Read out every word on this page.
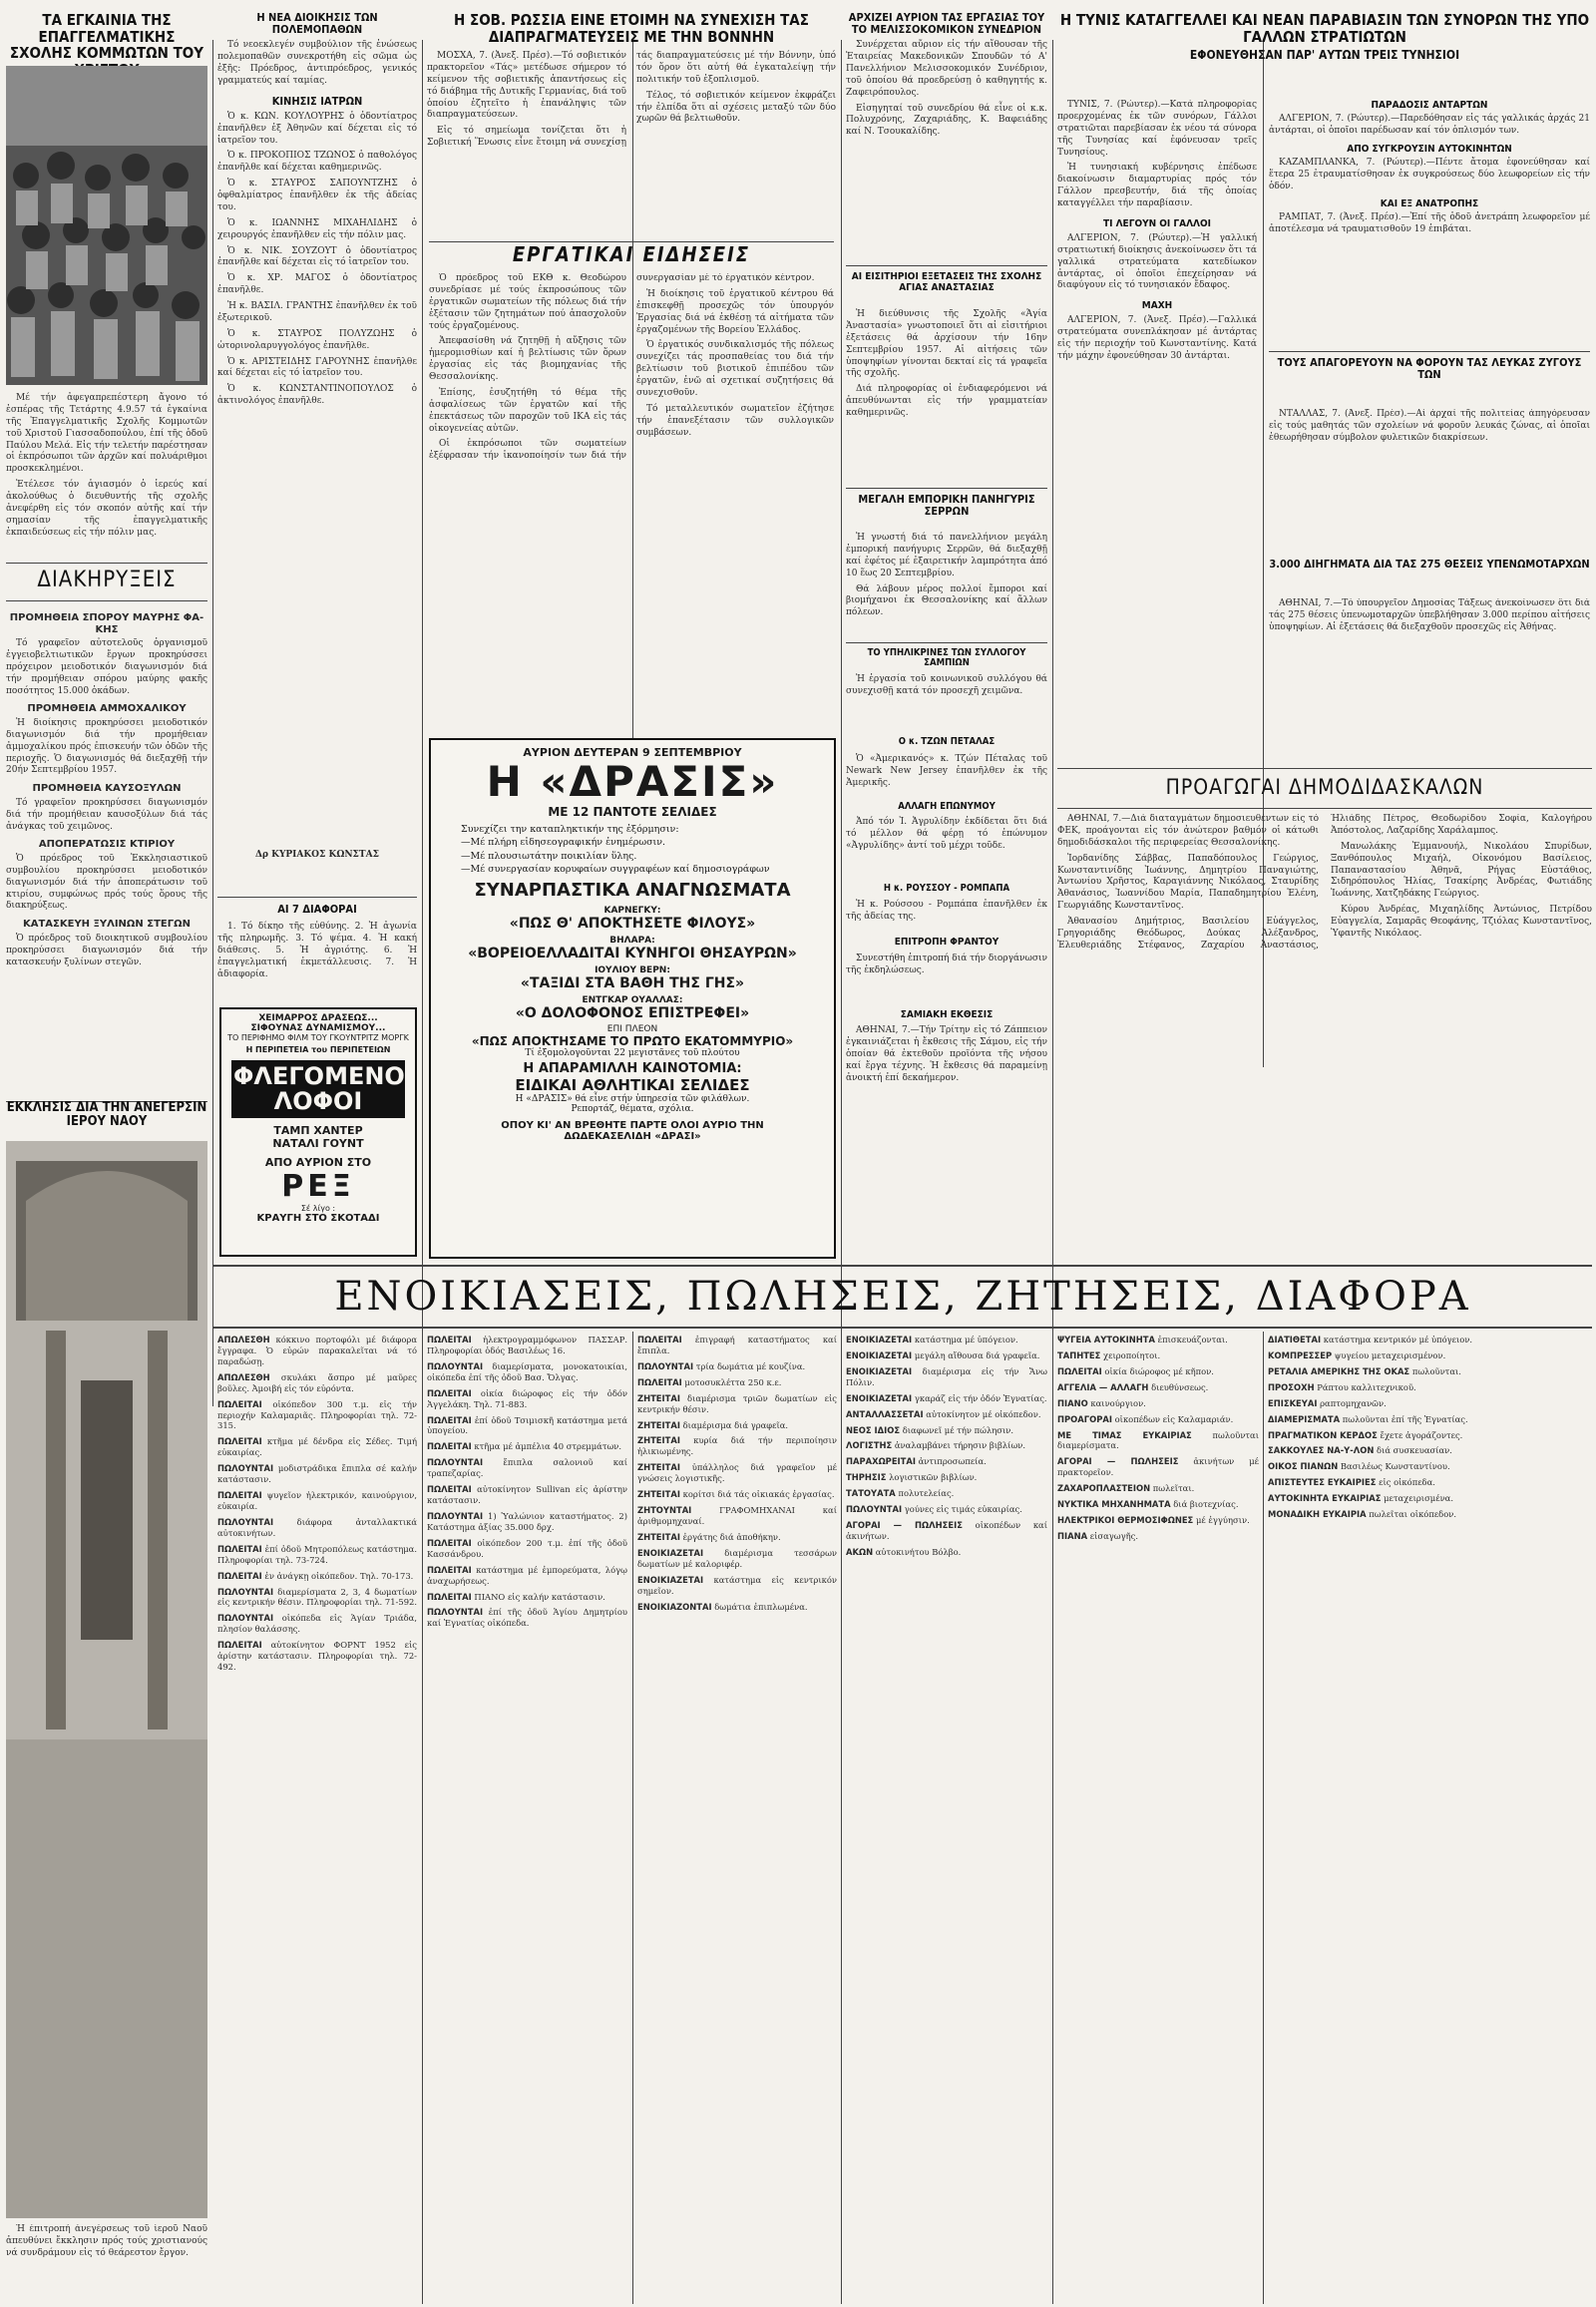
ΤΑ ΕΓΚΑΙΝΙΑ ΤΗΣ ΕΠΑΓΓΕΛΜΑΤΙΚΗΣ ΣΧΟΛΗΣ ΚΟΜΜΩΤΩΝ ΤΟΥ

Μέ τήν ἀφεγαπρεπέστερη ἄγονο τό ἑσπέρας τῆς Τετάρτης 4.9.57 τά ἐγκαίνια τῆς Ἐπαγγελματικῆς Σχολῆς Κομμωτῶν τοῦ Χριστοῦ Γιασσαδοπούλου, ἐπί τῆς ὁδοῦ Παύλου Μελά. Εἰς τήν τελετήν παρέστησαν οἱ ἐκπρόσωποι τῶν ἀρχῶν καί πολυάριθμοι προσκεκλημένοι.

Ἐτέλεσε τόν ἁγιασμόν ὁ ἱερεύς καί ἀκολούθως ὁ διευθυντής τῆς σχολῆς ἀνεφέρθη εἰς τόν σκοπόν αὐτῆς καί τήν σημασίαν τῆς ἐπαγγελματικῆς ἐκπαιδεύσεως εἰς τήν πόλιν μας.

ΔΙΑΚΗΡΥΞΕΙΣ
ΠΡΟΜΗΘΕΙΑ ΣΠΟΡΟΥ ΜΑΥΡΗΣ ΦΑΚΗΣ

Τό γραφεῖον αὐτοτελοῦς ὀργανισμοῦ ἐγγειοβελτιωτικῶν ἔργων προκηρύσσει πρόχειρον μειοδοτικόν διαγωνισμόν διά τήν προμήθειαν σπόρου μαύρης φακῆς ποσότητος 15.000 ὀκάδων.

ΠΡΟΜΗΘΕΙΑ ΑΜΜΟΧΑΛΙΚΟΥ

Ἡ διοίκησις προκηρύσσει μειοδοτικόν διαγωνισμόν διά τήν προμήθειαν ἀμμοχαλίκου πρός ἐπισκευήν τῶν ὁδῶν τῆς περιοχῆς. Ὁ διαγωνισμός θά διεξαχθῇ τήν 20ήν Σεπτεμβρίου 1957.

ΠΡΟΜΗΘΕΙΑ ΚΑΥΣΟΞΥΛΩΝ

Τό γραφεῖον προκηρύσσει διαγωνισμόν διά τήν προμήθειαν καυσοξύλων διά τάς ἀνάγκας τοῦ χειμῶνος.

ΑΠΟΠΕΡΑΤΩΣΙΣ ΚΤΙΡΙΟΥ

Ὁ πρόεδρος τοῦ Ἐκκλησιαστικοῦ συμβουλίου προκηρύσσει μειοδοτικόν διαγωνισμόν διά τήν ἀποπεράτωσιν τοῦ κτιρίου, συμφώνως πρός τούς ὅρους τῆς διακηρύξεως.

ΚΑΤΑΣΚΕΥΗ ΞΥΛΙΝΩΝ ΣΤΕΓΩΝ

Ὁ πρόεδρος τοῦ διοικητικοῦ συμβουλίου προκηρύσσει διαγωνισμόν διά τήν κατασκευήν ξυλίνων στεγῶν.

Η ΝΕΑ ΔΙΟΙΚΗΣΙΣ ΤΩΝ ΠΟΛΕΜΟΠΑΘΩΝ

Τό νεοεκλεγέν συμβούλιον τῆς ἑνώσεως πολεμοπαθῶν συνεκροτήθη εἰς σῶμα ὡς ἑξῆς: Πρόεδρος, ἀντιπρόεδρος, γενικός γραμματεύς καί ταμίας.

ΚΙΝΗΣΙΣ ΙΑΤΡΩΝ

Ὁ κ. ΚΩΝ. ΚΟΥΛΟΥΡΗΣ ὁ ὀδοντίατρος ἐπανῆλθεν ἐξ Ἀθηνῶν καί δέχεται εἰς τό ἰατρεῖον του.

Ὁ κ. ΠΡΟΚΟΠΙΟΣ ΤΖΩΝΟΣ ὁ παθολόγος ἐπανῆλθε καί δέχεται καθημερινῶς.

Ὁ κ. ΣΤΑΥΡΟΣ ΣΑΠΟΥΝΤΖΗΣ ὁ ὀφθαλμίατρος ἐπανῆλθεν ἐκ τῆς ἀδείας του.

Ὁ κ. ΙΩΑΝΝΗΣ ΜΙΧΑΗΛΙΔΗΣ ὁ χειρουργός ἐπανῆλθεν εἰς τήν πόλιν μας.

Ὁ κ. ΝΙΚ. ΣΟΥΖΟΥΤ ὁ ὀδοντίατρος ἐπανῆλθε καί δέχεται εἰς τό ἰατρεῖον του.

Ὁ κ. ΧΡ. ΜΑΓΟΣ ὁ ὀδοντίατρος ἐπανῆλθε.

Ἡ κ. ΒΑΣΙΛ. ΓΡΑΝΤΗΣ ἐπανῆλθεν ἐκ τοῦ ἐξωτερικοῦ.

Ὁ κ. ΣΤΑΥΡΟΣ ΠΟΛΥΖΩΗΣ ὁ ὠτορινολαρυγγολόγος ἐπανῆλθε.

Ὁ κ. ΑΡΙΣΤΕΙΔΗΣ ΓΑΡΟΥΝΗΣ ἐπανῆλθε καί δέχεται εἰς τό ἰατρεῖον του.

Ὁ κ. ΚΩΝΣΤΑΝΤΙΝΟΠΟΥΛΟΣ ὁ ἀκτινολόγος ἐπανῆλθε.

Δρ ΚΥΡΙΑΚΟΣ ΚΩΝΣΤΑΣ
ΑΙ 7 ΔΙΑΦΟΡΑΙ

1. Τό δίκηο τῆς εὐθύνης. 2. Ἡ ἀγωνία τῆς πληρωμῆς. 3. Τό ψέμα. 4. Ἡ κακή διάθεσις. 5. Ἡ ἀγριότης. 6. Ἡ ἐπαγγελματική ἐκμετάλλευσις. 7. Ἡ ἀδιαφορία.

ΧΕΙΜΑΡΡΟΣ ΔΡΑΣΕΩΣ...
ΣΙΦΟΥΝΑΣ ΔΥΝΑΜΙΣΜΟΥ...
ΤΟ ΠΕΡΙΦΗΜΟ ΦΙΛΜ ΤΟΥ ΓΚΟΥΝΤΡΙΤΖ ΜΟΡΓΚ
Η ΠΕΡΙΠΕΤΕΙΑ του ΠΕΡΙΠΕΤΕΙΩΝ
ΦΛΕΓΟΜΕΝΟΙ ΛΟΦΟΙ
ΤΑΜΠ ΧΑΝΤΕΡ
ΝΑΤΑΛΙ ΓΟΥΝΤ
ΑΠΟ ΑΥΡΙΟΝ ΣΤΟ
ΡΕΞ
Σέ λίγο :
ΚΡΑΥΓΗ ΣΤΟ ΣΚΟΤΑΔΙ
Η ΣΟΒ. ΡΩΣΣΙΑ ΕΙΝΕ ΕΤΟΙΜΗ ΝΑ ΣΥΝΕΧΙΣΗ ΤΑΣ ΔΙΑΠΡΑΓΜΑΤΕΥΣΕΙΣ ΜΕ ΤΗΝ ΒΟΝΝΗΝ

ΜΟΣΧΑ, 7. (Ἀνεξ. Πρέσ).—Τό σοβιετικόν πρακτορεῖον «Τάς» μετέδωσε σήμερον τό κείμενον τῆς σοβιετικῆς ἀπαντήσεως εἰς τό διάβημα τῆς Δυτικῆς Γερμανίας, διά τοῦ ὁποίου ἐζητεῖτο ἡ ἐπανάληψις τῶν διαπραγματεύσεων.

Εἰς τό σημείωμα τονίζεται ὅτι ἡ Σοβιετική Ἕνωσις εἶνε ἕτοιμη νά συνεχίσῃ τάς διαπραγματεύσεις μέ τήν Βόννην, ὑπό τόν ὅρον ὅτι αὐτή θά ἐγκαταλείψῃ τήν πολιτικήν τοῦ ἐξοπλισμοῦ.

Τέλος, τό σοβιετικόν κείμενον ἐκφράζει τήν ἐλπίδα ὅτι αἱ σχέσεις μεταξύ τῶν δύο χωρῶν θά βελτιωθοῦν.

ΕΡΓΑΤΙΚΑΙ ΕΙΔΗΣΕΙΣ

Ὁ πρόεδρος τοῦ ΕΚΘ κ. Θεοδώρου συνεδρίασε μέ τούς ἐκπροσώπους τῶν ἐργατικῶν σωματείων τῆς πόλεως διά τήν ἐξέτασιν τῶν ζητημάτων πού ἀπασχολοῦν τούς ἐργαζομένους.

Ἀπεφασίσθη νά ζητηθῇ ἡ αὔξησις τῶν ἡμερομισθίων καί ἡ βελτίωσις τῶν ὅρων ἐργασίας εἰς τάς βιομηχανίας τῆς Θεσσαλονίκης.

Ἐπίσης, ἐσυζητήθη τό θέμα τῆς ἀσφαλίσεως τῶν ἐργατῶν καί τῆς ἐπεκτάσεως τῶν παροχῶν τοῦ ΙΚΑ εἰς τάς οἰκογενείας αὐτῶν.

Οἱ ἐκπρόσωποι τῶν σωματείων ἐξέφρασαν τήν ἱκανοποίησίν των διά τήν συνεργασίαν μέ τό ἐργατικόν κέντρον.

Ἡ διοίκησις τοῦ ἐργατικοῦ κέντρου θά ἐπισκεφθῇ προσεχῶς τόν ὑπουργόν Ἐργασίας διά νά ἐκθέσῃ τά αἰτήματα τῶν ἐργαζομένων τῆς Βορείου Ἑλλάδος.

Ὁ ἐργατικός συνδικαλισμός τῆς πόλεως συνεχίζει τάς προσπαθείας του διά τήν βελτίωσιν τοῦ βιοτικοῦ ἐπιπέδου τῶν ἐργατῶν, ἐνῶ αἱ σχετικαί συζητήσεις θά συνεχισθοῦν.

Τό μεταλλευτικόν σωματεῖον ἐζήτησε τήν ἐπανεξέτασιν τῶν συλλογικῶν συμβάσεων.

ΑΥΡΙΟΝ ΔΕΥΤΕΡΑΝ 9 ΣΕΠΤΕΜΒΡΙΟΥ
Η «ΔΡΑΣΙΣ»
ΜΕ 12 ΠΑΝΤΟΤΕ ΣΕΛΙΔΕΣ
Συνεχίζει την καταπληκτικήν της ἐξόρμησιν:
—Μέ πλήρη εἰδησεογραφικήν ἐνημέρωσιν.
—Μέ πλουσιωτάτην ποικιλίαν ὕλης.
—Μέ συνεργασίαν κορυφαίων συγγραφέων καί δημοσιογράφων
ΣΥΝΑΡΠΑΣΤΙΚΑ ΑΝΑΓΝΩΣΜΑΤΑ
ΚΑΡΝΕΓΚΥ:
«ΠΩΣ Θ' ΑΠΟΚΤΗΣΕΤΕ ΦΙΛΟΥΣ»
ΒΗΛΑΡΑ:
«ΒΟΡΕΙΟΕΛΛΑΔΙΤΑΙ ΚΥΝΗΓΟΙ ΘΗΣΑΥΡΩΝ»
ΙΟΥΛΙΟΥ ΒΕΡΝ:
«ΤΑΞΙΔΙ ΣΤΑ ΒΑΘΗ ΤΗΣ ΓΗΣ»
ΕΝΤΓΚΑΡ ΟΥΑΛΛΑΣ:
«Ο ΔΟΛΟΦΟΝΟΣ ΕΠΙΣΤΡΕΦΕΙ»
ΕΠΙ ΠΛΕΟΝ
«ΠΩΣ ΑΠΟΚΤΗΣΑΜΕ ΤΟ ΠΡΩΤΟ ΕΚΑΤΟΜΜΥΡΙΟ»
Τί ἐξομολογοῦνται 22 μεγιστᾶνες τοῦ πλούτου
Η ΑΠΑΡΑΜΙΛΛΗ ΚΑΙΝΟΤΟΜΙΑ:
ΕΙΔΙΚΑΙ ΑΘΛΗΤΙΚΑΙ ΣΕΛΙΔΕΣ
Η «ΔΡΑΣΙΣ» θά εἶνε στήν ὑπηρεσία τῶν φιλάθλων.
Ρεπορτάζ, θέματα, σχόλια.
ΟΠΟΥ ΚΙ' ΑΝ ΒΡΕΘΗΤΕ ΠΑΡΤΕ ΟΛΟΙ ΑΥΡΙΟ ΤΗΝ ΔΩΔΕΚΑΣΕΛΙΔΗ «ΔΡΑΣΙ»
ΑΡΧΙΖΕΙ ΑΥΡΙΟΝ ΤΑΣ ΕΡΓΑΣΙΑΣ ΤΟΥ ΤΟ ΜΕΛΙΣΣΟΚΟΜΙΚΟΝ ΣΥΝΕΔΡΙΟΝ

Συνέρχεται αὔριον εἰς τήν αἴθουσαν τῆς Ἑταιρείας Μακεδονικῶν Σπουδῶν τό Α' Πανελλήνιον Μελισσοκομικόν Συνέδριον, τοῦ ὁποίου θά προεδρεύσῃ ὁ καθηγητής κ. Ζαφειρόπουλος.

Εἰσηγηταί τοῦ συνεδρίου θά εἶνε οἱ κ.κ. Πολυχρόνης, Ζαχαριάδης, Κ. Βαφειάδης καί Ν. Τσουκαλίδης.

ΑΙ ΕΙΣΙΤΗΡΙΟΙ ΕΞΕΤΑΣΕΙΣ ΤΗΣ ΣΧΟΛΗΣ ΑΓΙΑΣ ΑΝΑΣΤΑΣΙΑΣ

Ἡ διεύθυνσις τῆς Σχολῆς «Ἁγία Ἀναστασία» γνωστοποιεῖ ὅτι αἱ εἰσιτήριοι ἐξετάσεις θά ἀρχίσουν τήν 16ην Σεπτεμβρίου 1957. Αἱ αἰτήσεις τῶν ὑποψηφίων γίνονται δεκταί εἰς τά γραφεῖα τῆς σχολῆς.

Διά πληροφορίας οἱ ἐνδιαφερόμενοι νά ἀπευθύνωνται εἰς τήν γραμματείαν καθημερινῶς.

ΜΕΓΑΛΗ ΕΜΠΟΡΙΚΗ ΠΑΝΗΓΥΡΙΣ ΣΕΡΡΩΝ

Ἡ γνωστή διά τό πανελλήνιον μεγάλη ἐμπορική πανήγυρις Σερρῶν, θά διεξαχθῇ καί ἐφέτος μέ ἐξαιρετικήν λαμπρότητα ἀπό 10 ἕως 20 Σεπτεμβρίου.

Θά λάβουν μέρος πολλοί ἔμποροι καί βιομήχανοι ἐκ Θεσσαλονίκης καί ἄλλων πόλεων.

ΤΟ ΥΠΗΛΙΚΡΙΝΕΣ ΤΩΝ ΣΥΛΛΟΓΟΥ ΣΑΜΠΙΩΝ

Ἡ ἐργασία τοῦ κοινωνικοῦ συλλόγου θά συνεχισθῇ κατά τόν προσεχῆ χειμῶνα.

Ο κ. ΤΖΩΝ ΠΕΤΑΛΑΣ

Ὁ «Ἀμερικανός» κ. Τζών Πέταλας τοῦ Newark New Jersey ἐπανῆλθεν ἐκ τῆς Ἀμερικῆς.

ΑΛΛΑΓΗ ΕΠΩΝΥΜΟΥ

Ἀπό τόν Ἰ. Ἀγρυλίδην ἐκδίδεται ὅτι διά τό μέλλον θά φέρῃ τό ἐπώνυμον «Ἀγρυλίδης» ἀντί τοῦ μέχρι τοῦδε.

Η κ. ΡΟΥΣΣΟΥ - ΡΟΜΠΑΠΑ

Ἡ κ. Ρούσσου - Ρομπάπα ἐπανῆλθεν ἐκ τῆς ἀδείας της.

ΕΠΙΤΡΟΠΗ ΦΡΑΝΤΟΥ

Συνεστήθη ἐπιτροπή διά τήν διοργάνωσιν τῆς ἐκδηλώσεως.

ΣΑΜΙΑΚΗ ΕΚΘΕΣΙΣ

ΑΘΗΝΑΙ, 7.—Τήν Τρίτην εἰς τό Ζάππειον ἐγκαινιάζεται ἡ ἔκθεσις τῆς Σάμου, εἰς τήν ὁποίαν θά ἐκτεθοῦν προϊόντα τῆς νήσου καί ἔργα τέχνης. Ἡ ἔκθεσις θά παραμείνῃ ἀνοικτή ἐπί δεκαήμερον.

Η ΤΥΝΙΣ ΚΑΤΑΓΓΕΛΛΕΙ ΚΑΙ ΝΕΑΝ ΠΑΡΑΒΙΑΣΙΝ ΤΩΝ ΣΥΝΟΡΩΝ ΤΗΣ ΥΠΟ ΓΑΛΛΩΝ ΣΤΡΑΤΙΩΤΩΝ
ΕΦΟΝΕΥΘΗΣΑΝ ΠΑΡ' ΑΥΤΩΝ ΤΡΕΙΣ ΤΥΝΗΣΙΟΙ

ΤΥΝΙΣ, 7. (Ρώυτερ).—Κατά πληροφορίας προερχομένας ἐκ τῶν συνόρων, Γάλλοι στρατιῶται παρεβίασαν ἐκ νέου τά σύνορα τῆς Τυνησίας καί ἐφόνευσαν τρεῖς Τυνησίους.

Ἡ τυνησιακή κυβέρνησις ἐπέδωσε διακοίνωσιν διαμαρτυρίας πρός τόν Γάλλον πρεσβευτήν, διά τῆς ὁποίας καταγγέλλει τήν παραβίασιν.

ΤΙ ΛΕΓΟΥΝ ΟΙ ΓΑΛΛΟΙ

ΑΛΓΕΡΙΟΝ, 7. (Ρώυτερ).—Ἡ γαλλική στρατιωτική διοίκησις ἀνεκοίνωσεν ὅτι τά γαλλικά στρατεύματα κατεδίωκον ἀντάρτας, οἱ ὁποῖοι ἐπεχείρησαν νά διαφύγουν εἰς τό τυνησιακόν ἔδαφος.

ΜΑΧΗ

ΑΛΓΕΡΙΟΝ, 7. (Ἀνεξ. Πρέσ).—Γαλλικά στρατεύματα συνεπλάκησαν μέ ἀντάρτας εἰς τήν περιοχήν τοῦ Κωνσταντίνης. Κατά τήν μάχην ἐφονεύθησαν 30 ἀντάρται.

ΠΑΡΑΔΟΣΙΣ ΑΝΤΑΡΤΩΝ

ΑΛΓΕΡΙΟΝ, 7. (Ρώυτερ).—Παρεδόθησαν εἰς τάς γαλλικάς ἀρχάς 21 ἀντάρται, οἱ ὁποῖοι παρέδωσαν καί τόν ὁπλισμόν των.

ΑΠΟ ΣΥΓΚΡΟΥΣΙΝ ΑΥΤΟΚΙΝΗΤΩΝ

ΚΑΖΑΜΠΛΑΝΚΑ, 7. (Ρώυτερ).—Πέντε ἄτομα ἐφονεύθησαν καί ἕτερα 25 ἐτραυματίσθησαν ἐκ συγκρούσεως δύο λεωφορείων εἰς τήν ὁδόν.

ΚΑΙ ΕΞ ΑΝΑΤΡΟΠΗΣ

ΡΑΜΠΑΤ, 7. (Ἀνεξ. Πρέσ).—Ἐπί τῆς ὁδοῦ ἀνετράπη λεωφορεῖον μέ ἀποτέλεσμα νά τραυματισθοῦν 19 ἐπιβάται.

ΤΟΥΣ ΑΠΑΓΟΡΕΥΟΥΝ ΝΑ ΦΟΡΟΥΝ ΤΑΣ ΛΕΥΚΑΣ ΖΥΓΟΥΣ ΤΩΝ

ΝΤΑΛΛΑΣ, 7. (Ἀνεξ. Πρέσ).—Αἱ ἀρχαί τῆς πολιτείας ἀπηγόρευσαν εἰς τούς μαθητάς τῶν σχολείων νά φοροῦν λευκάς ζώνας, αἱ ὁποῖαι ἐθεωρήθησαν σύμβολον φυλετικῶν διακρίσεων.

3.000 ΔΙΗΓΗΜΑΤΑ ΔΙΑ ΤΑΣ 275 ΘΕΣΕΙΣ ΥΠΕΝΩΜΟΤΑΡΧΩΝ

ΑΘΗΝΑΙ, 7.—Τό ὑπουργεῖον Δημοσίας Τάξεως ἀνεκοίνωσεν ὅτι διά τάς 275 θέσεις ὑπενωμοταρχῶν ὑπεβλήθησαν 3.000 περίπου αἰτήσεις ὑποψηφίων. Αἱ ἐξετάσεις θά διεξαχθοῦν προσεχῶς εἰς Ἀθήνας.

ΠΡΟΑΓΩΓΑΙ ΔΗΜΟΔΙΔΑΣΚΑΛΩΝ

ΑΘΗΝΑΙ, 7.—Διά διαταγμάτων δημοσιευθέντων εἰς τό ΦΕΚ, προάγονται εἰς τόν ἀνώτερον βαθμόν οἱ κάτωθι δημοδιδάσκαλοι τῆς περιφερείας Θεσσαλονίκης.

Ἰορδανίδης Σάββας, Παπαδόπουλος Γεώργιος, Κωνσταντινίδης Ἰωάννης, Δημητρίου Παναγιώτης, Ἀντωνίου Χρῆστος, Καραγιάννης Νικόλαος, Σταυρίδης Ἀθανάσιος, Ἰωαννίδου Μαρία, Παπαδημητρίου Ἑλένη, Γεωργιάδης Κωνσταντῖνος.

Ἀθανασίου Δημήτριος, Βασιλείου Εὐάγγελος, Γρηγοριάδης Θεόδωρος, Δούκας Ἀλέξανδρος, Ἐλευθεριάδης Στέφανος, Ζαχαρίου Ἀναστάσιος, Ἠλιάδης Πέτρος, Θεοδωρίδου Σοφία, Καλογήρου Ἀπόστολος, Λαζαρίδης Χαράλαμπος.

Μανωλάκης Ἐμμανουήλ, Νικολάου Σπυρίδων, Ξανθόπουλος Μιχαήλ, Οἰκονόμου Βασίλειος, Παπαναστασίου Ἀθηνᾶ, Ρήγας Εὐστάθιος, Σιδηρόπουλος Ἡλίας, Τσακίρης Ἀνδρέας, Φωτιάδης Ἰωάννης, Χατζηδάκης Γεώργιος.

Κύρου Ἀνδρέας, Μιχαηλίδης Ἀντώνιος, Πετρίδου Εὐαγγελία, Σαμαρᾶς Θεοφάνης, Τζιόλας Κωνσταντῖνος, Ὑφαντῆς Νικόλαος.

ΕΝΟΙΚΙΑΣΕΙΣ, ΠΩΛΗΣΕΙΣ, ΖΗΤΗΣΕΙΣ, ΔΙΑΦΟΡΑ

ΑΠΩΛΕΣΘΗ κόκκινο πορτοφόλι μέ διάφορα ἔγγραφα. Ὁ εὑρών παρακαλεῖται νά τό παραδώσῃ.

ΑΠΩΛΕΣΘΗ σκυλάκι ἄσπρο μέ μαῦρες βοῦλες. Ἀμοιβή εἰς τόν εὑρόντα.

ΠΩΛΕΙΤΑΙ οἰκόπεδον 300 τ.μ. εἰς τήν περιοχήν Καλαμαριᾶς. Πληροφορίαι τηλ. 72-315.

ΠΩΛΕΙΤΑΙ κτῆμα μέ δένδρα εἰς Σέδες. Τιμή εὐκαιρίας.

ΠΩΛΟΥΝΤΑΙ μοδιστράδικα ἔπιπλα σέ καλήν κατάστασιν.

ΠΩΛΕΙΤΑΙ ψυγεῖον ἠλεκτρικόν, καινούργιον, εὐκαιρία.

ΠΩΛΟΥΝΤΑΙ διάφορα ἀνταλλακτικά αὐτοκινήτων.

ΠΩΛΕΙΤΑΙ ἐπί ὁδοῦ Μητροπόλεως κατάστημα. Πληροφορίαι τηλ. 73-724.

ΠΩΛΕΙΤΑΙ ἐν ἀνάγκῃ οἰκόπεδον. Τηλ. 70-173.

ΠΩΛΟΥΝΤΑΙ διαμερίσματα 2, 3, 4 δωματίων εἰς κεντρικήν θέσιν. Πληροφορίαι τηλ. 71-592.

ΠΩΛΟΥΝΤΑΙ οἰκόπεδα εἰς Ἁγίαν Τριάδα, πλησίον θαλάσσης.

ΠΩΛΕΙΤΑΙ αὐτοκίνητον ΦΟΡΝΤ 1952 εἰς ἀρίστην κατάστασιν. Πληροφορίαι τηλ. 72-492.

ΠΩΛΕΙΤΑΙ ἠλεκτρογραμμόφωνον ΠΑΣΣΑΡ. Πληροφορίαι ὁδός Βασιλέως 16.

ΠΩΛΟΥΝΤΑΙ διαμερίσματα, μονοκατοικίαι, οἰκόπεδα ἐπί τῆς ὁδοῦ Βασ. Ὄλγας.

ΠΩΛΕΙΤΑΙ οἰκία διώροφος εἰς τήν ὁδόν Ἀγγελάκη. Τηλ. 71-883.

ΠΩΛΕΙΤΑΙ ἐπί ὁδοῦ Τσιμισκῆ κατάστημα μετά ὑπογείου.

ΠΩΛΕΙΤΑΙ κτῆμα μέ ἀμπέλια 40 στρεμμάτων.

ΠΩΛΟΥΝΤΑΙ ἔπιπλα σαλονιοῦ καί τραπεζαρίας.

ΠΩΛΕΙΤΑΙ αὐτοκίνητον Sullivan εἰς ἀρίστην κατάστασιν.

ΠΩΛΟΥΝΤΑΙ 1) Ὑαλώνιον καταστήματος. 2) Κατάστημα ἀξίας 35.000 δρχ.

ΠΩΛΕΙΤΑΙ οἰκόπεδον 200 τ.μ. ἐπί τῆς ὁδοῦ Κασσάνδρου.

ΠΩΛΕΙΤΑΙ κατάστημα μέ ἐμπορεύματα, λόγῳ ἀναχωρήσεως.

ΠΩΛΕΙΤΑΙ ΠΙΑΝΟ εἰς καλήν κατάστασιν.

ΠΩΛΟΥΝΤΑΙ ἐπί τῆς ὁδοῦ Ἁγίου Δημητρίου καί Ἐγνατίας οἰκόπεδα.

ΠΩΛΕΙΤΑΙ ἐπιγραφή καταστήματος καί ἔπιπλα.

ΠΩΛΟΥΝΤΑΙ τρία δωμάτια μέ κουζίνα.

ΠΩΛΕΙΤΑΙ μοτοσυκλέττα 250 κ.ε.

ΖΗΤΕΙΤΑΙ διαμέρισμα τριῶν δωματίων εἰς κεντρικήν θέσιν.

ΖΗΤΕΙΤΑΙ διαμέρισμα διά γραφεῖα.

ΖΗΤΕΙΤΑΙ κυρία διά τήν περιποίησιν ἡλικιωμένης.

ΖΗΤΕΙΤΑΙ ὑπάλληλος διά γραφεῖον μέ γνώσεις λογιστικῆς.

ΖΗΤΕΙΤΑΙ κορίτσι διά τάς οἰκιακάς ἐργασίας.

ΖΗΤΟΥΝΤΑΙ ΓΡΑΦΟΜΗΧΑΝΑΙ καί ἀριθμομηχαναί.

ΖΗΤΕΙΤΑΙ ἐργάτης διά ἀποθήκην.

ΕΝΟΙΚΙΑΖΕΤΑΙ διαμέρισμα τεσσάρων δωματίων μέ καλοριφέρ.

ΕΝΟΙΚΙΑΖΕΤΑΙ κατάστημα εἰς κεντρικόν σημεῖον.

ΕΝΟΙΚΙΑΖΟΝΤΑΙ δωμάτια ἐπιπλωμένα.

ΕΝΟΙΚΙΑΖΕΤΑΙ κατάστημα μέ ὑπόγειον.

ΕΝΟΙΚΙΑΖΕΤΑΙ μεγάλη αἴθουσα διά γραφεῖα.

ΕΝΟΙΚΙΑΖΕΤΑΙ διαμέρισμα εἰς τήν Ἄνω Πόλιν.

ΕΝΟΙΚΙΑΖΕΤΑΙ γκαράζ εἰς τήν ὁδόν Ἐγνατίας.

ΑΝΤΑΛΛΑΣΣΕΤΑΙ αὐτοκίνητον μέ οἰκόπεδον.

ΝΕΟΣ ΙΔΙΟΣ διαφωνεῖ μέ τήν πώλησιν.

ΛΟΓΙΣΤΗΣ ἀναλαμβάνει τήρησιν βιβλίων.

ΠΑΡΑΧΩΡΕΙΤΑΙ ἀντιπροσωπεία.

ΤΗΡΗΣΙΣ λογιστικῶν βιβλίων.

ΤΑΤΟΥΑΤΑ πολυτελείας.

ΠΩΛΟΥΝΤΑΙ γούνες εἰς τιμάς εὐκαιρίας.

ΑΓΟΡΑΙ — ΠΩΛΗΣΕΙΣ οἰκοπέδων καί ἀκινήτων.

ΑΚΩΝ αὐτοκινήτου Βόλβο.

ΨΥΓΕΙΑ ΑΥΤΟΚΙΝΗΤΑ ἐπισκευάζονται.

ΤΑΠΗΤΕΣ χειροποίητοι.

ΠΩΛΕΙΤΑΙ οἰκία διώροφος μέ κῆπον.

ΑΓΓΕΛΙΑ — ΑΛΛΑΓΗ διευθύνσεως.

ΠΙΑΝΟ καινούργιον.

ΠΡΟΑΓΟΡΑΙ οἰκοπέδων εἰς Καλαμαριάν.

ΜΕ ΤΙΜΑΣ ΕΥΚΑΙΡΙΑΣ πωλοῦνται διαμερίσματα.

ΑΓΟΡΑΙ — ΠΩΛΗΣΕΙΣ ἀκινήτων μέ πρακτορεῖον.

ΖΑΧΑΡΟΠΛΑΣΤΕΙΟΝ πωλεῖται.

ΝΥΚΤΙΚΑ ΜΗΧΑΝΗΜΑΤΑ διά βιοτεχνίας.

ΗΛΕΚΤΡΙΚΟΙ ΘΕΡΜΟΣΙΦΩΝΕΣ μέ ἐγγύησιν.

ΠΙΑΝΑ εἰσαγωγῆς.

ΔΙΑΤΙΘΕΤΑΙ κατάστημα κεντρικόν μέ ὑπόγειον.

ΚΟΜΠΡΕΣΣΕΡ ψυγείου μεταχειρισμένον.

ΡΕΤΑΛΙΑ ΑΜΕΡΙΚΗΣ ΤΗΣ ΟΚΑΣ πωλοῦνται.

ΠΡΟΣΟΧΗ Ράπτου καλλιτεχνικοῦ.

ΕΠΙΣΚΕΥΑΙ ραπτομηχανῶν.

ΔΙΑΜΕΡΙΣΜΑΤΑ πωλοῦνται ἐπί τῆς Ἐγνατίας.

ΠΡΑΓΜΑΤΙΚΟΝ ΚΕΡΔΟΣ ἔχετε ἀγοράζοντες.

ΣΑΚΚΟΥΛΕΣ ΝΑ-Υ-ΛΟΝ διά συσκευασίαν.

ΟΙΚΟΣ ΠΙΑΝΩΝ Βασιλέως Κωνσταντίνου.

ΑΠΙΣΤΕΥΤΕΣ ΕΥΚΑΙΡΙΕΣ εἰς οἰκόπεδα.

ΑΥΤΟΚΙΝΗΤΑ ΕΥΚΑΙΡΙΑΣ μεταχειρισμένα.

ΜΟΝΑΔΙΚΗ ΕΥΚΑΙΡΙΑ πωλεῖται οἰκόπεδον.

ΕΚΚΛΗΣΙΣ ΔΙΑ ΤΗΝ ΑΝΕΓΕΡΣΙΝ ΙΕΡΟΥ ΝΑΟΥ

Ἡ ἐπιτροπή ἀνεγέρσεως τοῦ ἱεροῦ Ναοῦ ἀπευθύνει ἔκκλησιν πρός τούς χριστιανούς νά συνδράμουν εἰς τό θεάρεστον ἔργον.
